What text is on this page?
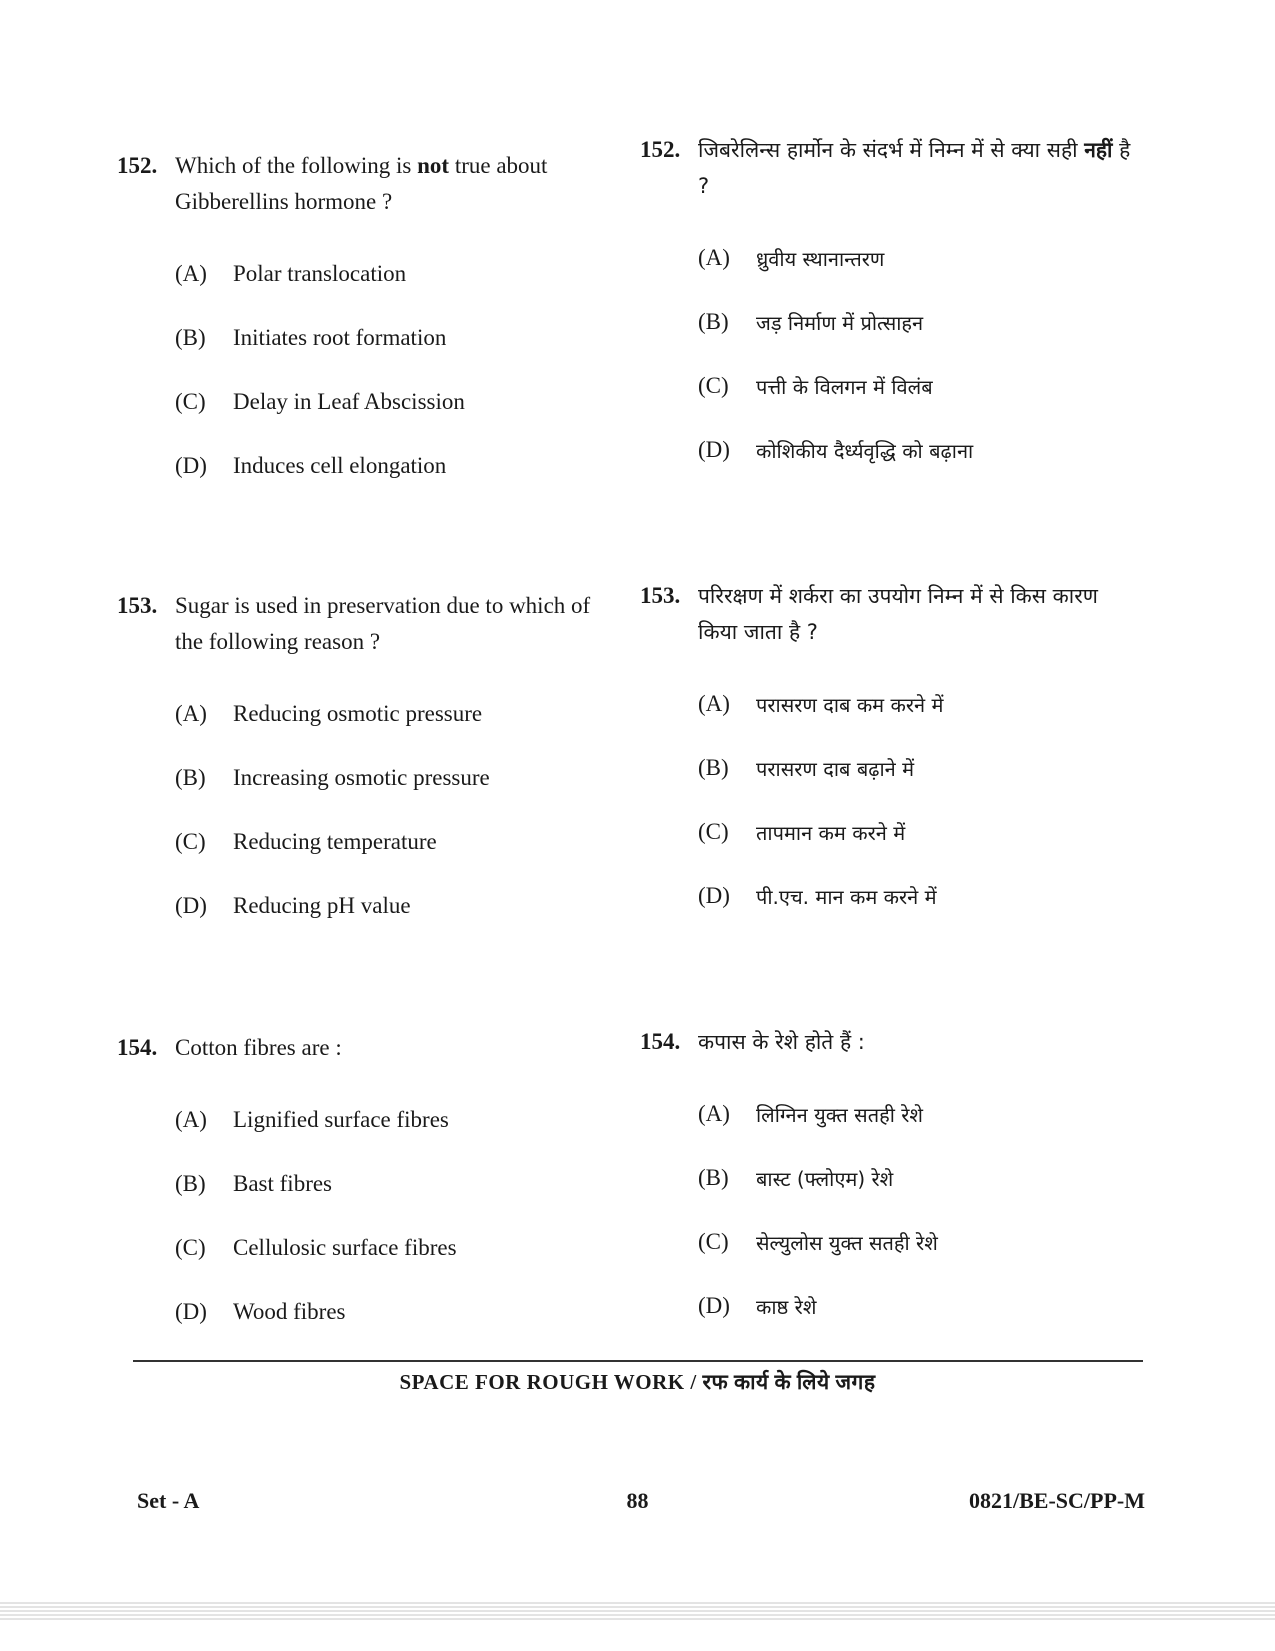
152. Which of the following is not true about Gibberellins hormone ?
(A)	Polar translocation
(B)	Initiates root formation
(C)	Delay in Leaf Abscission
(D)	Induces cell elongation
152. जिबरेलिन्स हार्मोन के संदर्भ में निम्न में से क्या सही नहीं है ?
(A)	ध्रुवीय स्थानान्तरण
(B)	जड़ निर्माण में प्रोत्साहन
(C)	पत्ती के विलगन में विलंब
(D)	कोशिकीय दैर्ध्यवृद्धि को बढ़ाना
153. Sugar is used in preservation due to which of the following reason ?
(A)	Reducing osmotic pressure
(B)	Increasing osmotic pressure
(C)	Reducing temperature
(D)	Reducing pH value
153. परिरक्षण में शर्करा का उपयोग निम्न में से किस कारण किया जाता है ?
(A)	परासरण दाब कम करने में
(B)	परासरण दाब बढ़ाने में
(C)	तापमान कम करने में
(D)	पी.एच. मान कम करने में
154. Cotton fibres are :
(A)	Lignified surface fibres
(B)	Bast fibres
(C)	Cellulosic surface fibres
(D)	Wood fibres
154. कपास के रेशे होते हैं :
(A)	लिग्निन युक्त सतही रेशे
(B)	बास्ट (फ्लोएम) रेशे
(C)	सेल्युलोस युक्त सतही रेशे
(D)	काष्ठ रेशे
SPACE FOR ROUGH WORK / रफ कार्य के लिये जगह
Set - A	88	0821/BE-SC/PP-M
